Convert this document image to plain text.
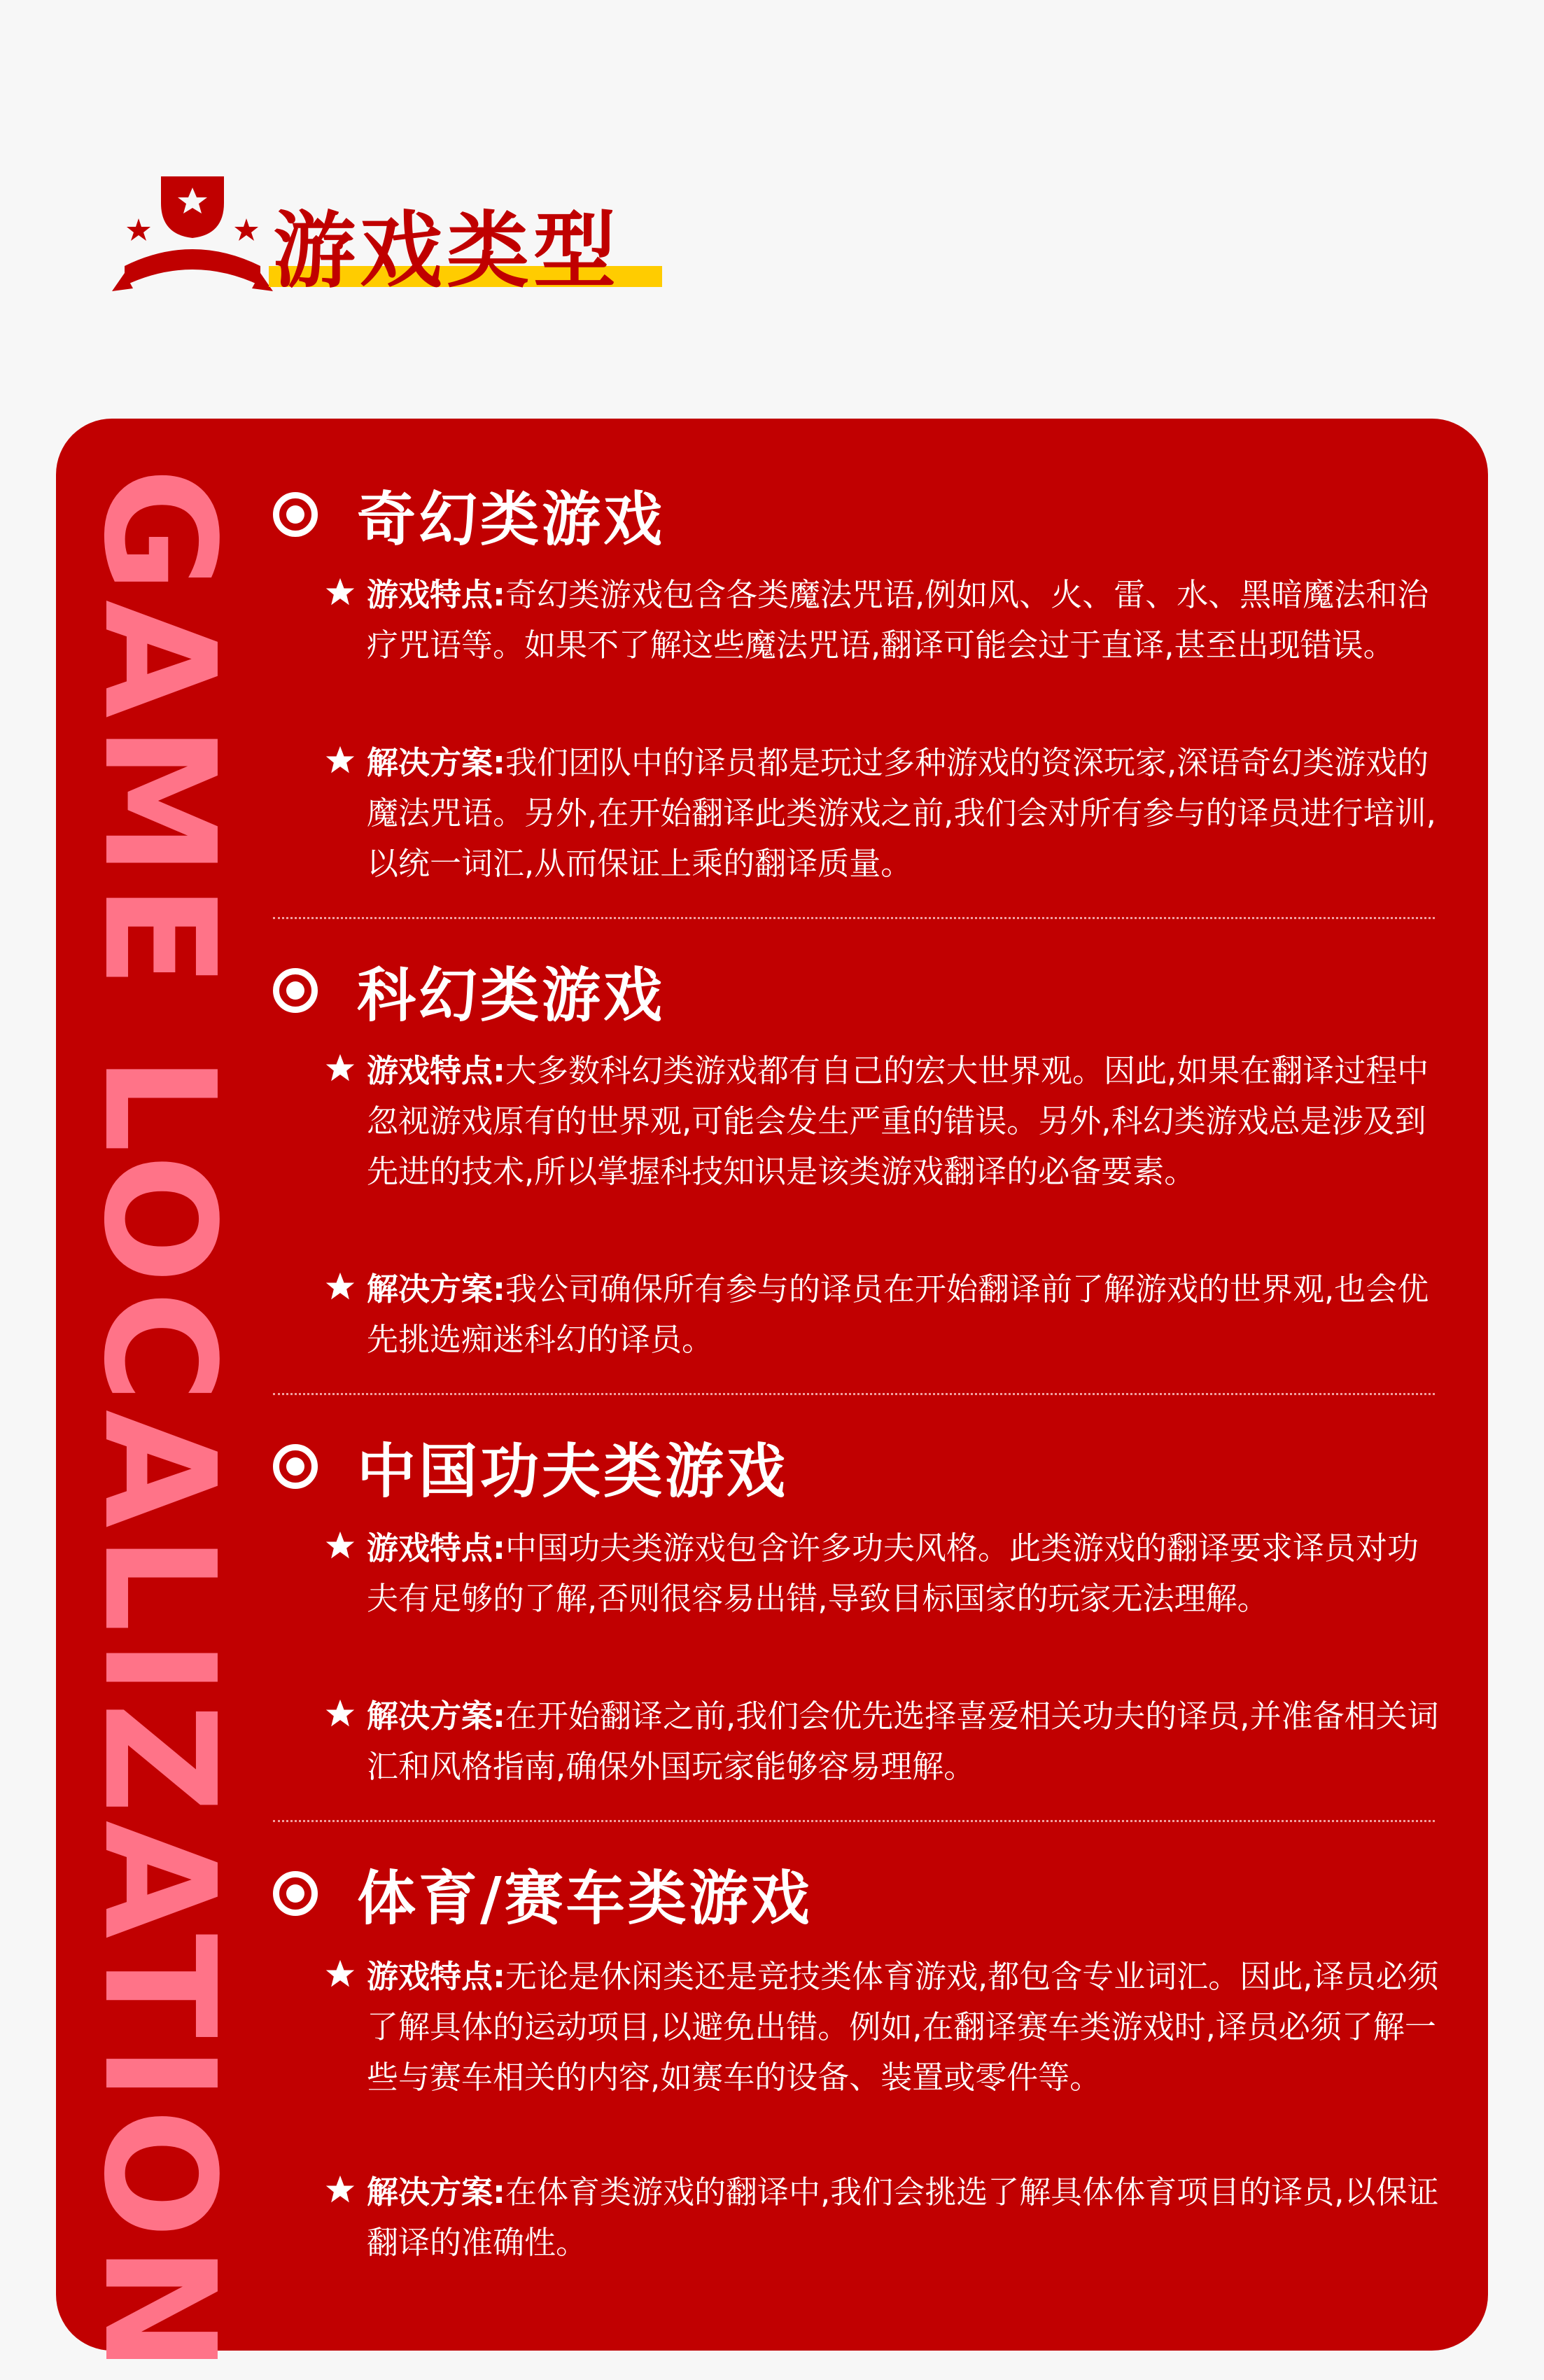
游戏类型
GAME LOCALIZATION 奇幻类游戏
游戏特点:奇幻类游戏包含各类魔法咒语,例如风、火、雷、水、黑暗魔法和治疗咒语等。如果不了解这些魔法咒语,翻译可能会过于直译,甚至出现错误。
解决方案:我们团队中的译员都是玩过多种游戏的资深玩家,深语奇幻类游戏的魔法咒语。另外,在开始翻译此类游戏之前,我们会对所有参与的译员进行培训,以统一词汇,从而保证上乘的翻译质量。
科幻类游戏
游戏特点:大多数科幻类游戏都有自己的宏大世界观。因此,如果在翻译过程中忽视游戏原有的世界观,可能会发生严重的错误。另外,科幻类游戏总是涉及到先进的技术,所以掌握科技知识是该类游戏翻译的必备要素。
解决方案:我公司确保所有参与的译员在开始翻译前了解游戏的世界观,也会优先挑选痴迷科幻的译员。
中国功夫类游戏
游戏特点:中国功夫类游戏包含许多功夫风格。此类游戏的翻译要求译员对功夫有足够的了解,否则很容易出错,导致目标国家的玩家无法理解。
解决方案:在开始翻译之前,我们会优先选择喜爱相关功夫的译员,并准备相关词汇和风格指南,确保外国玩家能够容易理解。
体育/赛车类游戏
游戏特点:无论是休闲类还是竞技类体育游戏,都包含专业词汇。因此,译员必须了解具体的运动项目,以避免出错。例如,在翻译赛车类游戏时,译员必须了解一些与赛车相关的内容,如赛车的设备、装置或零件等。
解决方案:在体育类游戏的翻译中,我们会挑选了解具体体育项目的译员,以保证翻译的准确性。
